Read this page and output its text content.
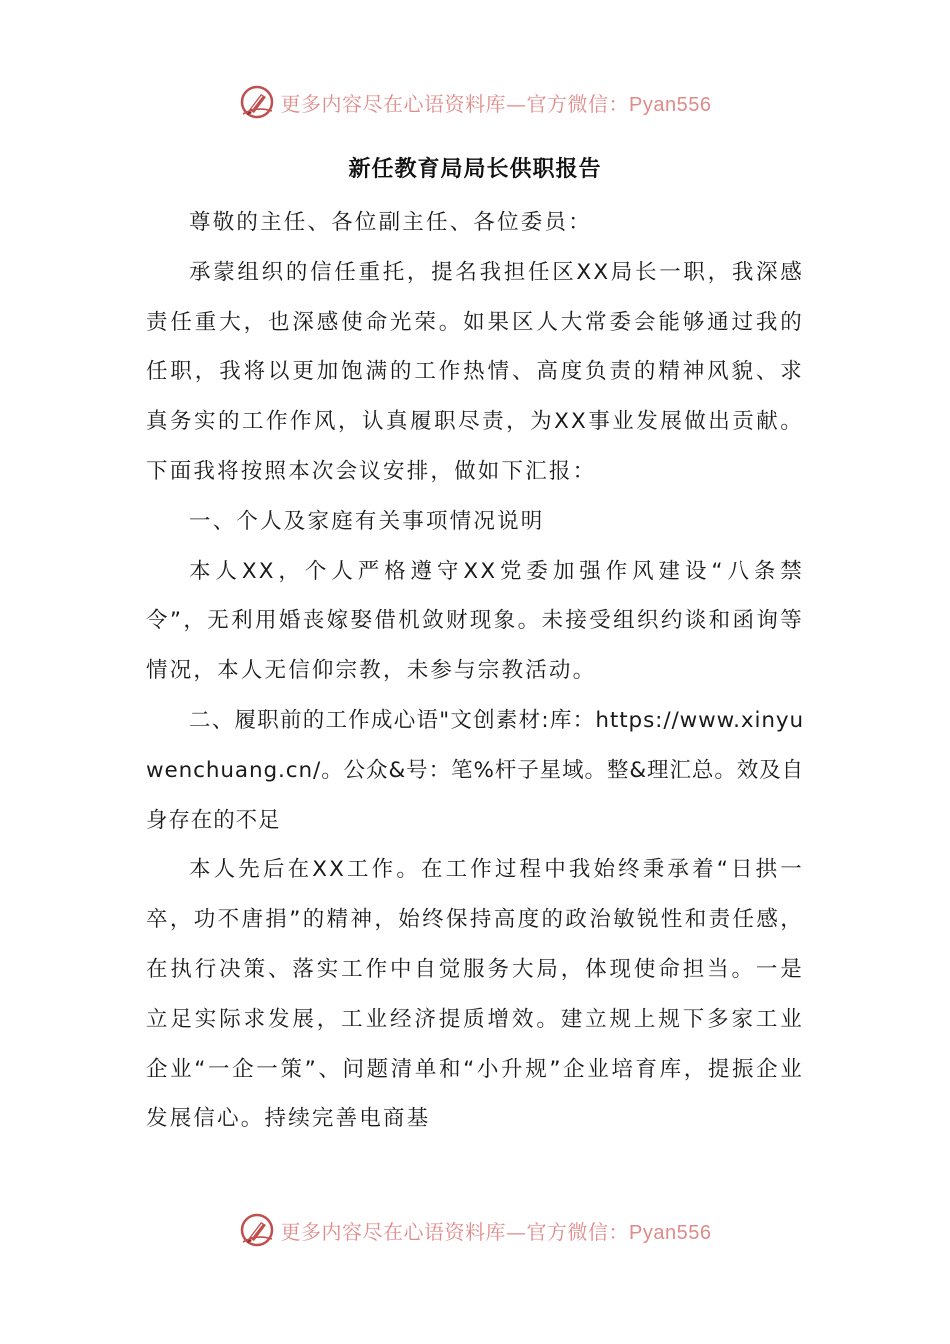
更多内容尽在心语资料库—官方微信：Pyan556
新任教育局局长供职报告

尊敬的主任、各位副主任、各位委员：

承蒙组织的信任重托，提名我担任区XX局长一职，我深感责任重大，也深感使命光荣。如果区人大常委会能够通过我的任职，我将以更加饱满的工作热情、高度负责的精神风貌、求真务实的工作作风，认真履职尽责，为XX事业发展做出贡献。下面我将按照本次会议安排，做如下汇报：

一、个人及家庭有关事项情况说明

本人XX，个人严格遵守XX党委加强作风建设“八条禁令”，无利用婚丧嫁娶借机敛财现象。未接受组织约谈和函询等情况，本人无信仰宗教，未参与宗教活动。

二、履职前的工作成心语"文创素材:库：https://www.xinyuwenchuang.cn/。公众&号：笔%杆子星域。整&理汇总。效及自身存在的不足

本人先后在XX工作。在工作过程中我始终秉承着“日拱一卒，功不唐捐”的精神，始终保持高度的政治敏锐性和责任感，在执行决策、落实工作中自觉服务大局，体现使命担当。一是立足实际求发展，工业经济提质增效。建立规上规下多家工业企业“一企一策”、问题清单和“小升规”企业培育库，提振企业发展信心。持续完善电商基

更多内容尽在心语资料库—官方微信：Pyan556
